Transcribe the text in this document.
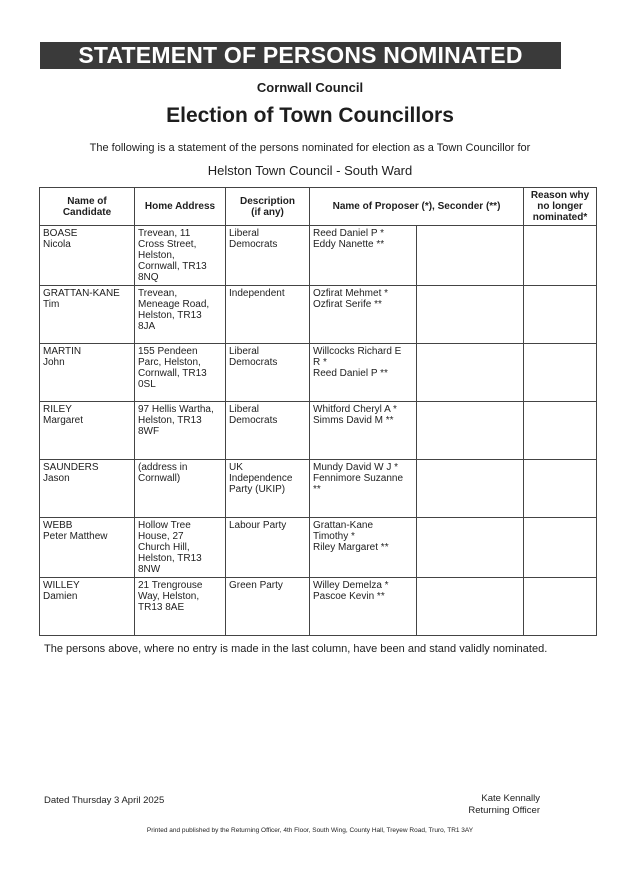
STATEMENT OF PERSONS NOMINATED
Cornwall Council
Election of Town Councillors
The following is a statement of the persons nominated for election as a Town Councillor for
Helston Town Council - South Ward
Name of
Candidate	Home Address	Description
(if any)	Name of Proposer (*), Seconder (**)		Reason why
no longer
nominated*

BOASE
Nicola	Trevean, 11
Cross Street,
Helston,
Cornwall, TR13
8NQ	Liberal
Democrats	Reed Daniel P *
Eddy Nanette **		

GRATTAN-KANE
Tim	Trevean,
Meneage Road,
Helston, TR13
8JA	Independent	Ozfirat Mehmet *
Ozfirat Serife **		

MARTIN
John	155 Pendeen
Parc, Helston,
Cornwall, TR13
0SL	Liberal
Democrats	Willcocks Richard E
R *
Reed Daniel P **		

RILEY
Margaret	97 Hellis Wartha,
Helston, TR13
8WF	Liberal
Democrats	Whitford Cheryl A *
Simms David M **		

SAUNDERS
Jason	(address in
Cornwall)	UK
Independence
Party (UKIP)	Mundy David W J *
Fennimore Suzanne
**		

WEBB
Peter Matthew	Hollow Tree
House, 27
Church Hill,
Helston, TR13
8NW	Labour Party	Grattan-Kane
Timothy *
Riley Margaret **		

WILLEY
Damien	21 Trengrouse
Way, Helston,
TR13 8AE	Green Party	Willey Demelza *
Pascoe Kevin **		

The persons above, where no entry is made in the last column, have been and stand validly nominated.
Dated Thursday 3 April 2025	Kate Kennally
Returning Officer
Printed and published by the Returning Officer, 4th Floor, South Wing, County Hall, Treyew Road, Truro, TR1 3AY
